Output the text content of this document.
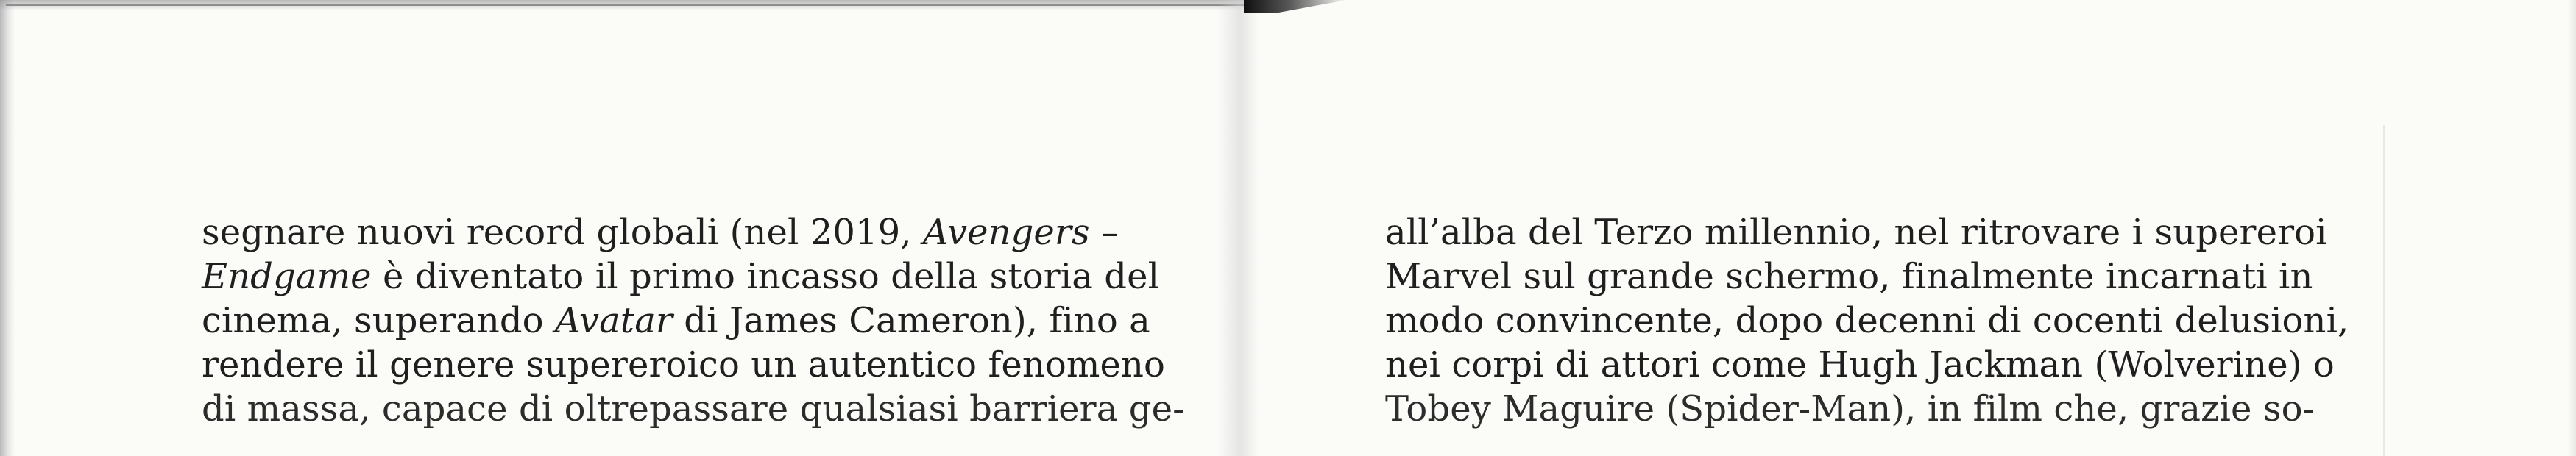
segnare nuovi record globali (nel 2019, Avengers –
Endgame è diventato il primo incasso della storia del
cinema, superando Avatar di James Cameron), fino a
rendere il genere supereroico un autentico fenomeno
di massa, capace di oltrepassare qualsiasi barriera ge-
all’alba del Terzo millennio, nel ritrovare i supereroi
Marvel sul grande schermo, finalmente incarnati in
modo convincente, dopo decenni di cocenti delusioni,
nei corpi di attori come Hugh Jackman (Wolverine) o
Tobey Maguire (Spider-Man), in film che, grazie so-
